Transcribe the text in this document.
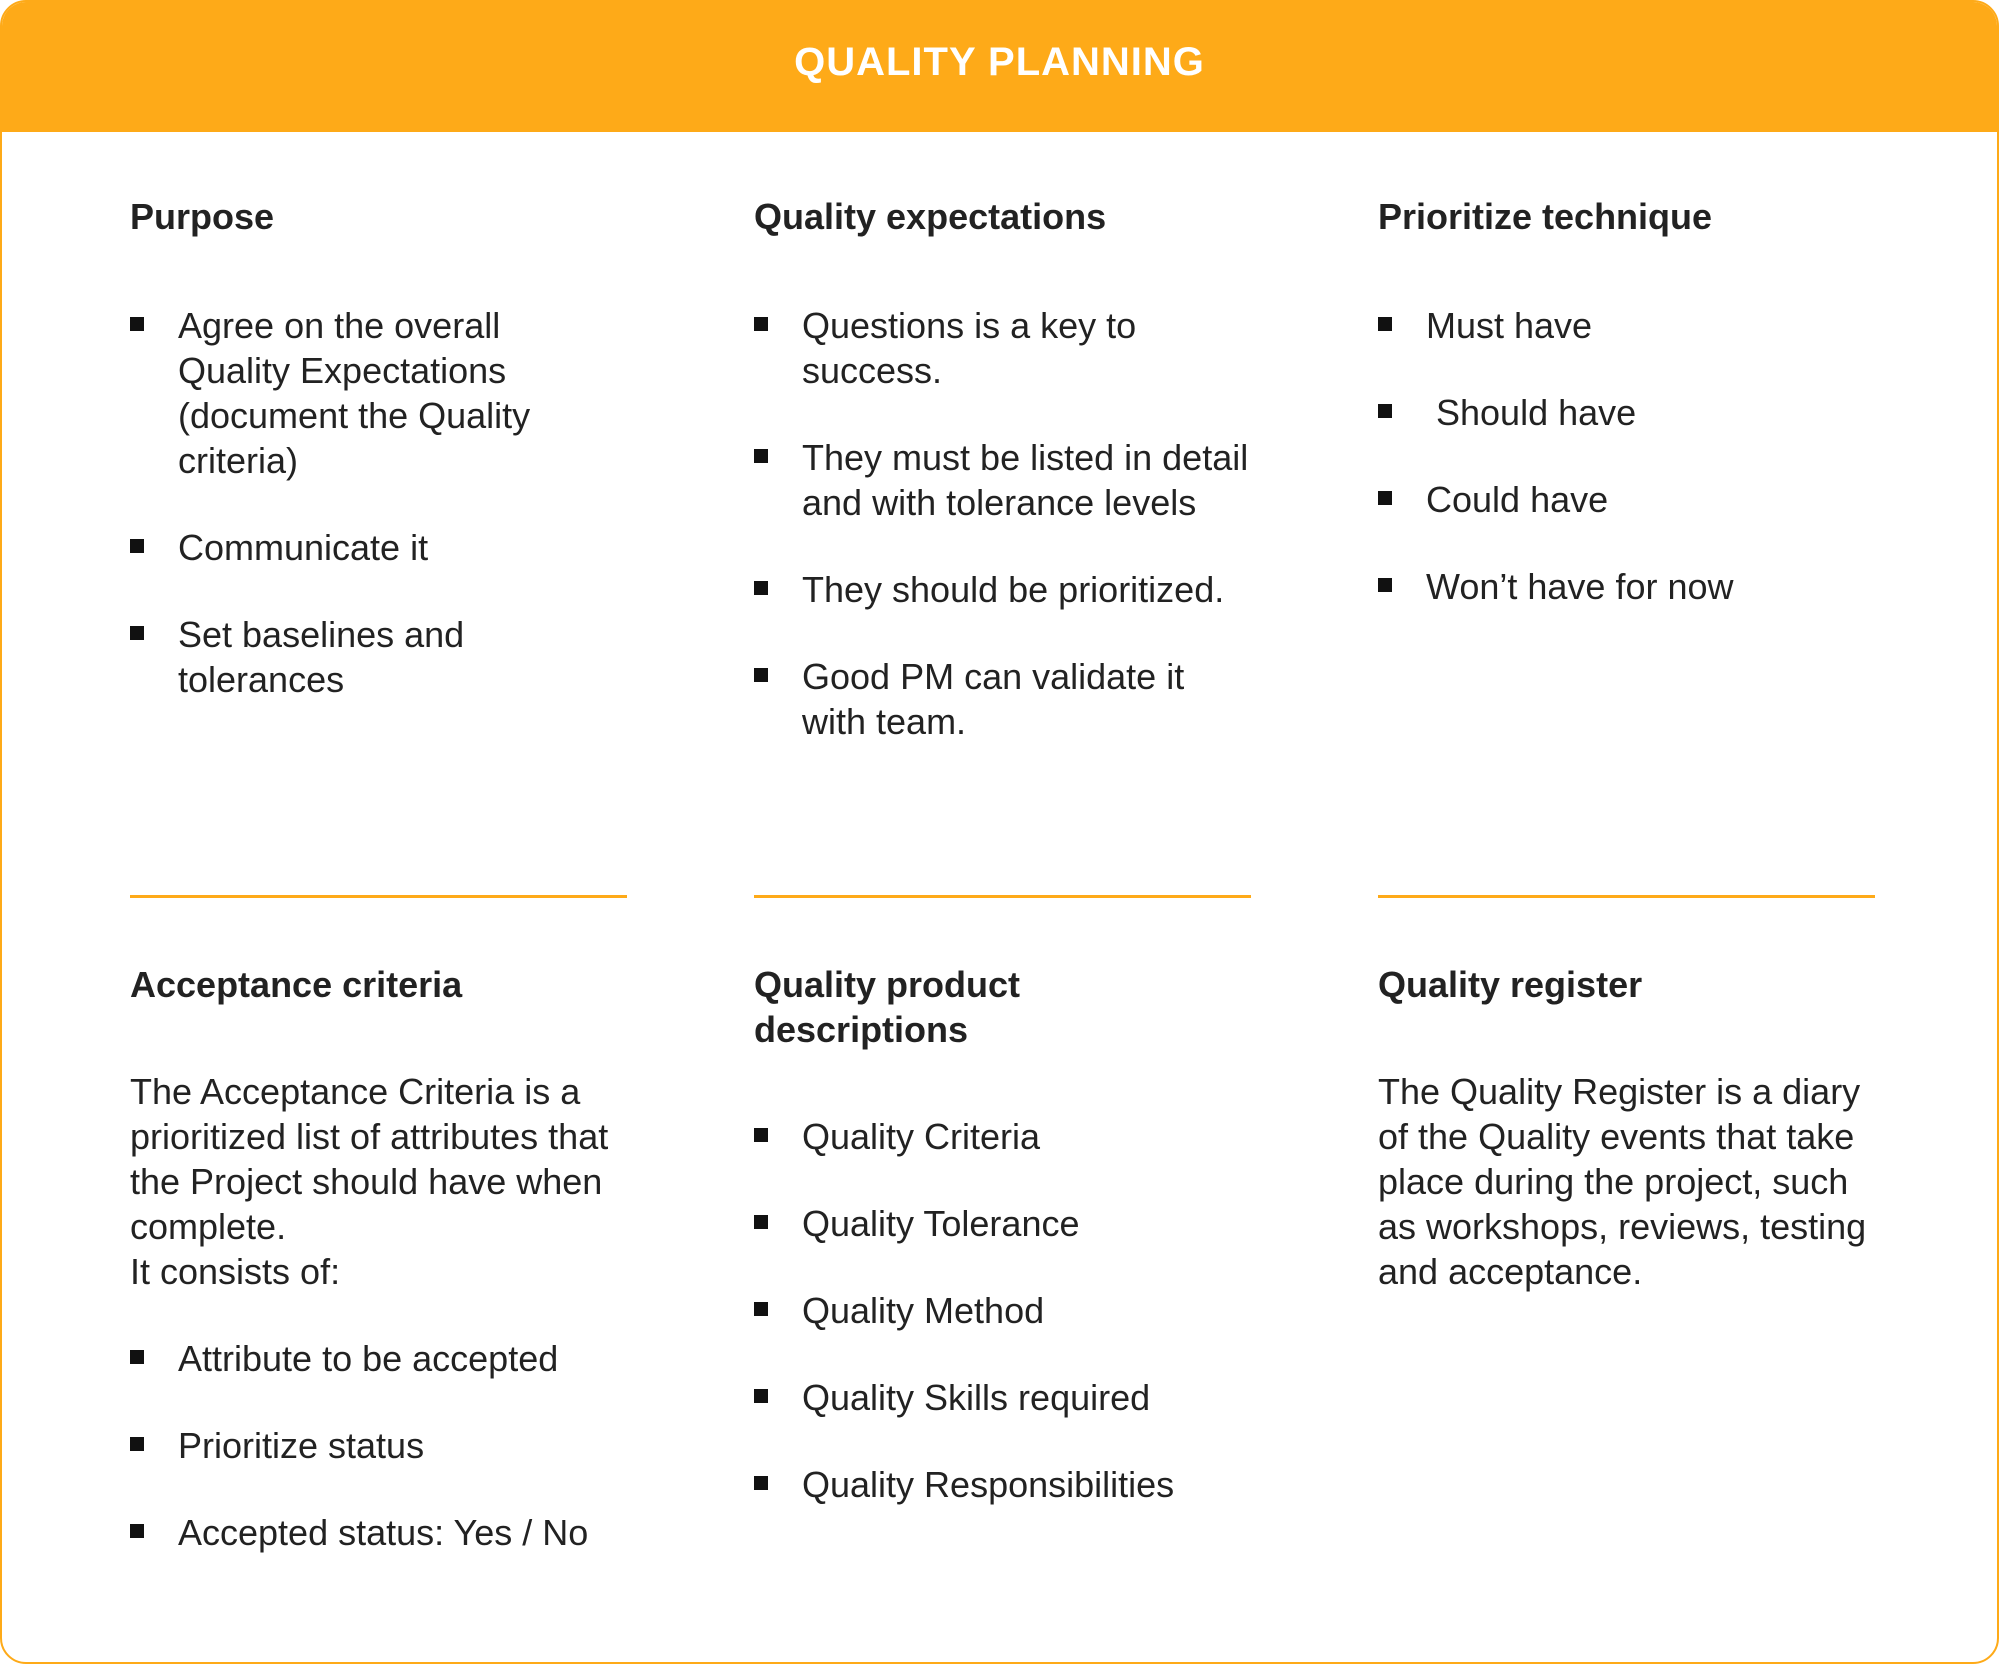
QUALITY PLANNING
Purpose
Agree on the overall Quality Expectations (document the Quality criteria)
Communicate it
Set baselines and tolerances
Quality expectations
Questions is a key to success.
They must be listed in detail and with tolerance levels
They should be prioritized.
Good PM can validate it with team.
Prioritize technique
Must have
Should have
Could have
Won’t have for now
Acceptance criteria

The Acceptance Criteria is a prioritized list of attributes that the Project should have when complete.
It consists of:

Attribute to be accepted
Prioritize status
Accepted status: Yes / No
Quality product descriptions
Quality Criteria
Quality Tolerance
Quality Method
Quality Skills required
Quality Responsibilities
Quality register

The Quality Register is a diary of the Quality events that take place during the project, such as workshops, reviews, testing and acceptance.
